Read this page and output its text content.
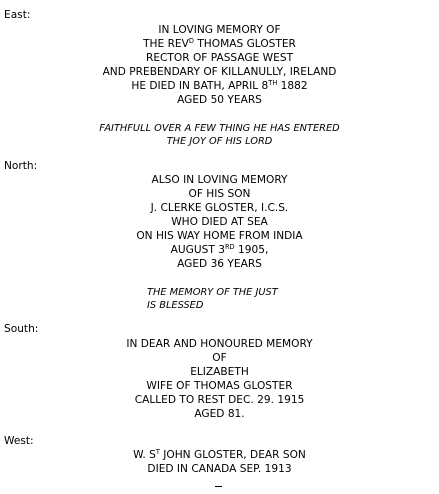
East:
IN LOVING MEMORY OF
THE $REV^D$ THOMAS GLOSTER
RECTOR OF PASSAGE WEST
AND PREBENDARY OF KILLANULLY, IRELAND
HE DIED IN BATH, APRIL 8TH 1882
AGED 50 YEARS
FAITHFULL OVER A FEW THING HE HAS ENTERED
THE JOY OF HIS LORD
North:
ALSO IN LOVING MEMORY
OF HIS SON
J. CLERKE GLOSTER, I.C.S.
WHO DIED AT SEA
ON HIS WAY HOME FROM INDIA
AUGUST 3RD 1905,
AGED 36 YEARS
THE MEMORY OF THE JUST
IS BLESSED
South:
IN DEAR AND HONOURED MEMORY
OF
ELIZABETH
WIFE OF THOMAS GLOSTER
CALLED TO REST DEC. 29. 1915
AGED 81.
West:
W. $S^T$ JOHN GLOSTER, DEAR SON
DIED IN CANADA SEP. 1913
